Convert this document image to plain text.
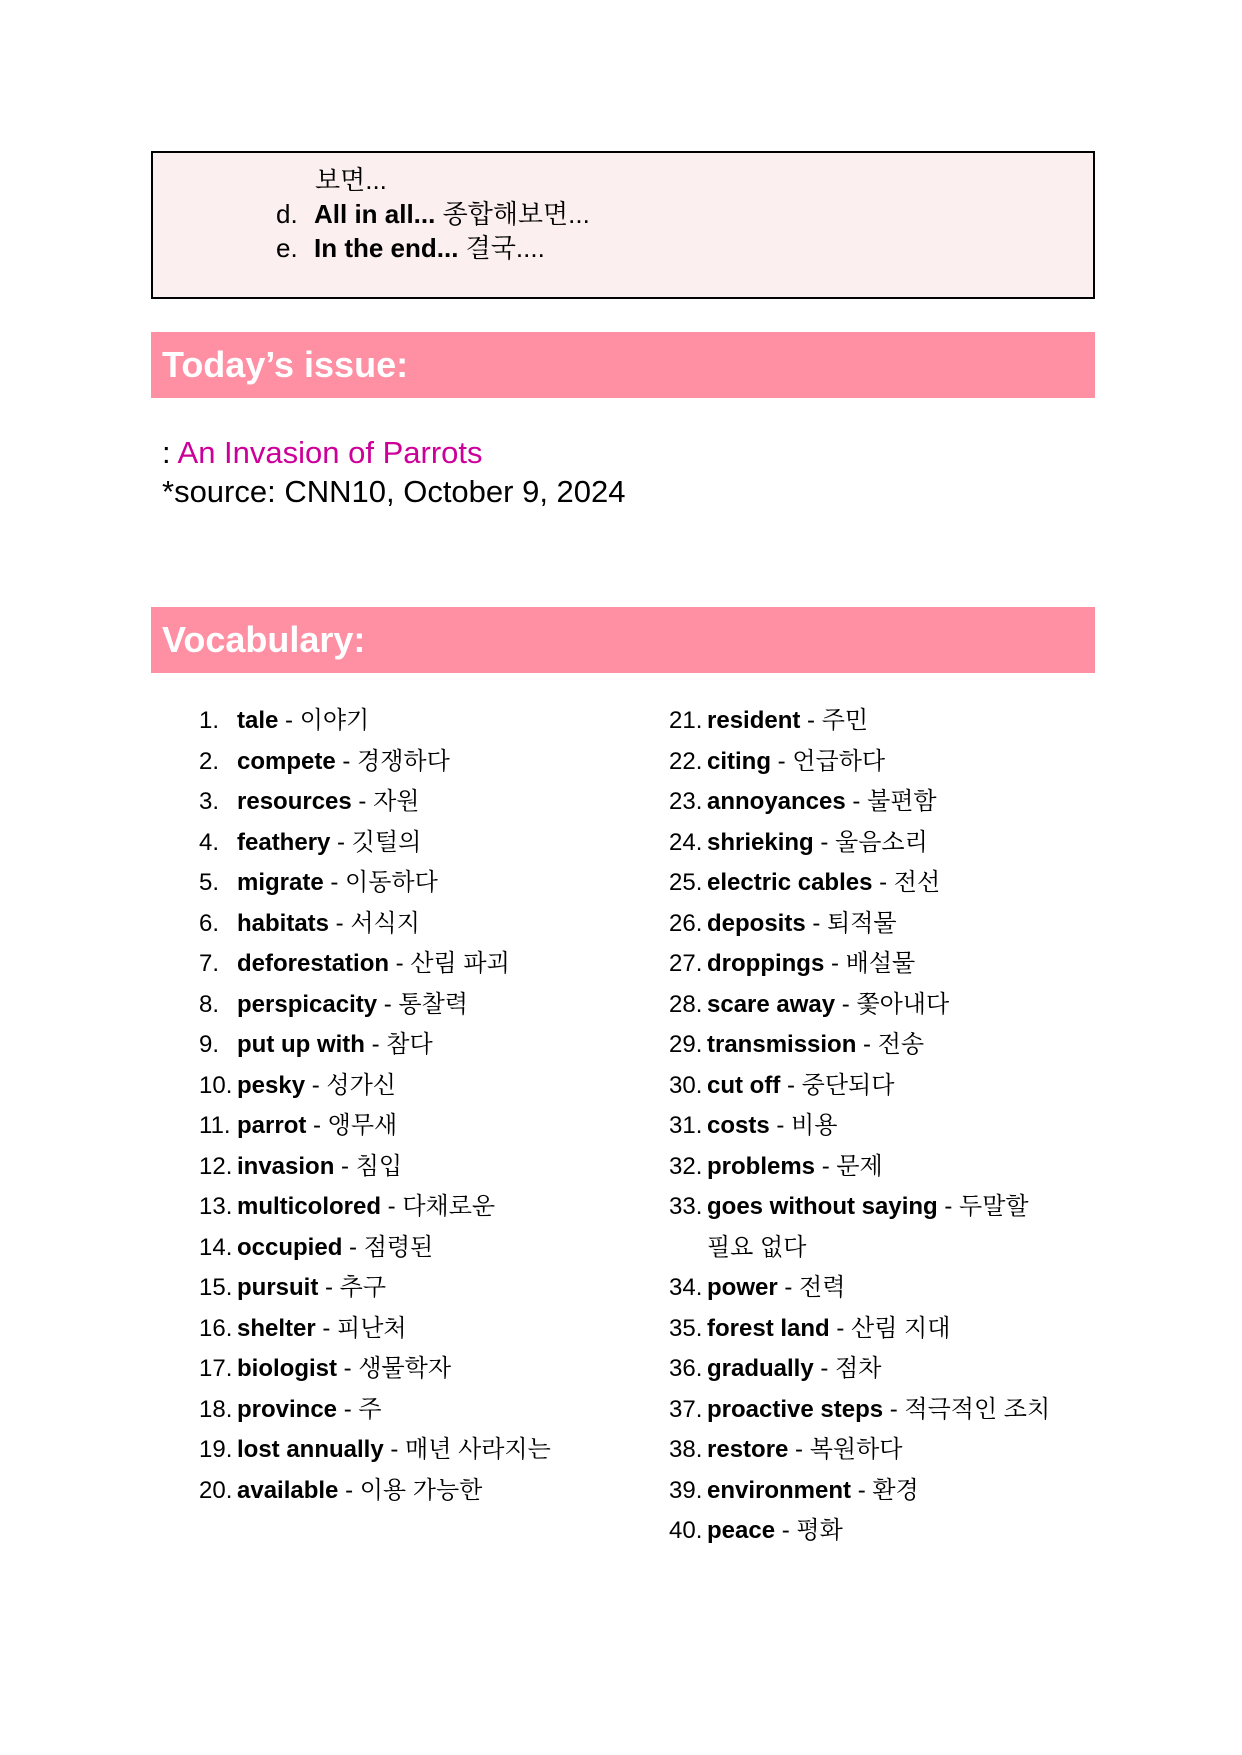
보면...
d. All in all... 종합해보면...
e. In the end... 결국....
Today’s issue:
: An Invasion of Parrots
*source: CNN10, October 9, 2024
Vocabulary:
1. tale - 이야기
2. compete - 경쟁하다
3. resources - 자원
4. feathery - 깃털의
5. migrate - 이동하다
6. habitats - 서식지
7. deforestation - 산림 파괴
8. perspicacity - 통찰력
9. put up with - 참다
10. pesky - 성가신
11. parrot - 앵무새
12. invasion - 침입
13. multicolored - 다채로운
14. occupied - 점령된
15. pursuit - 추구
16. shelter - 피난처
17. biologist - 생물학자
18. province - 주
19. lost annually - 매년 사라지는
20. available - 이용 가능한
21. resident - 주민
22. citing - 언급하다
23. annoyances - 불편함
24. shrieking - 울음소리
25. electric cables - 전선
26. deposits - 퇴적물
27. droppings - 배설물
28. scare away - 쫓아내다
29. transmission - 전송
30. cut off - 중단되다
31. costs - 비용
32. problems - 문제
33. goes without saying - 두말할
필요 없다
34. power - 전력
35. forest land - 산림 지대
36. gradually - 점차
37. proactive steps - 적극적인 조치
38. restore - 복원하다
39. environment - 환경
40. peace - 평화
